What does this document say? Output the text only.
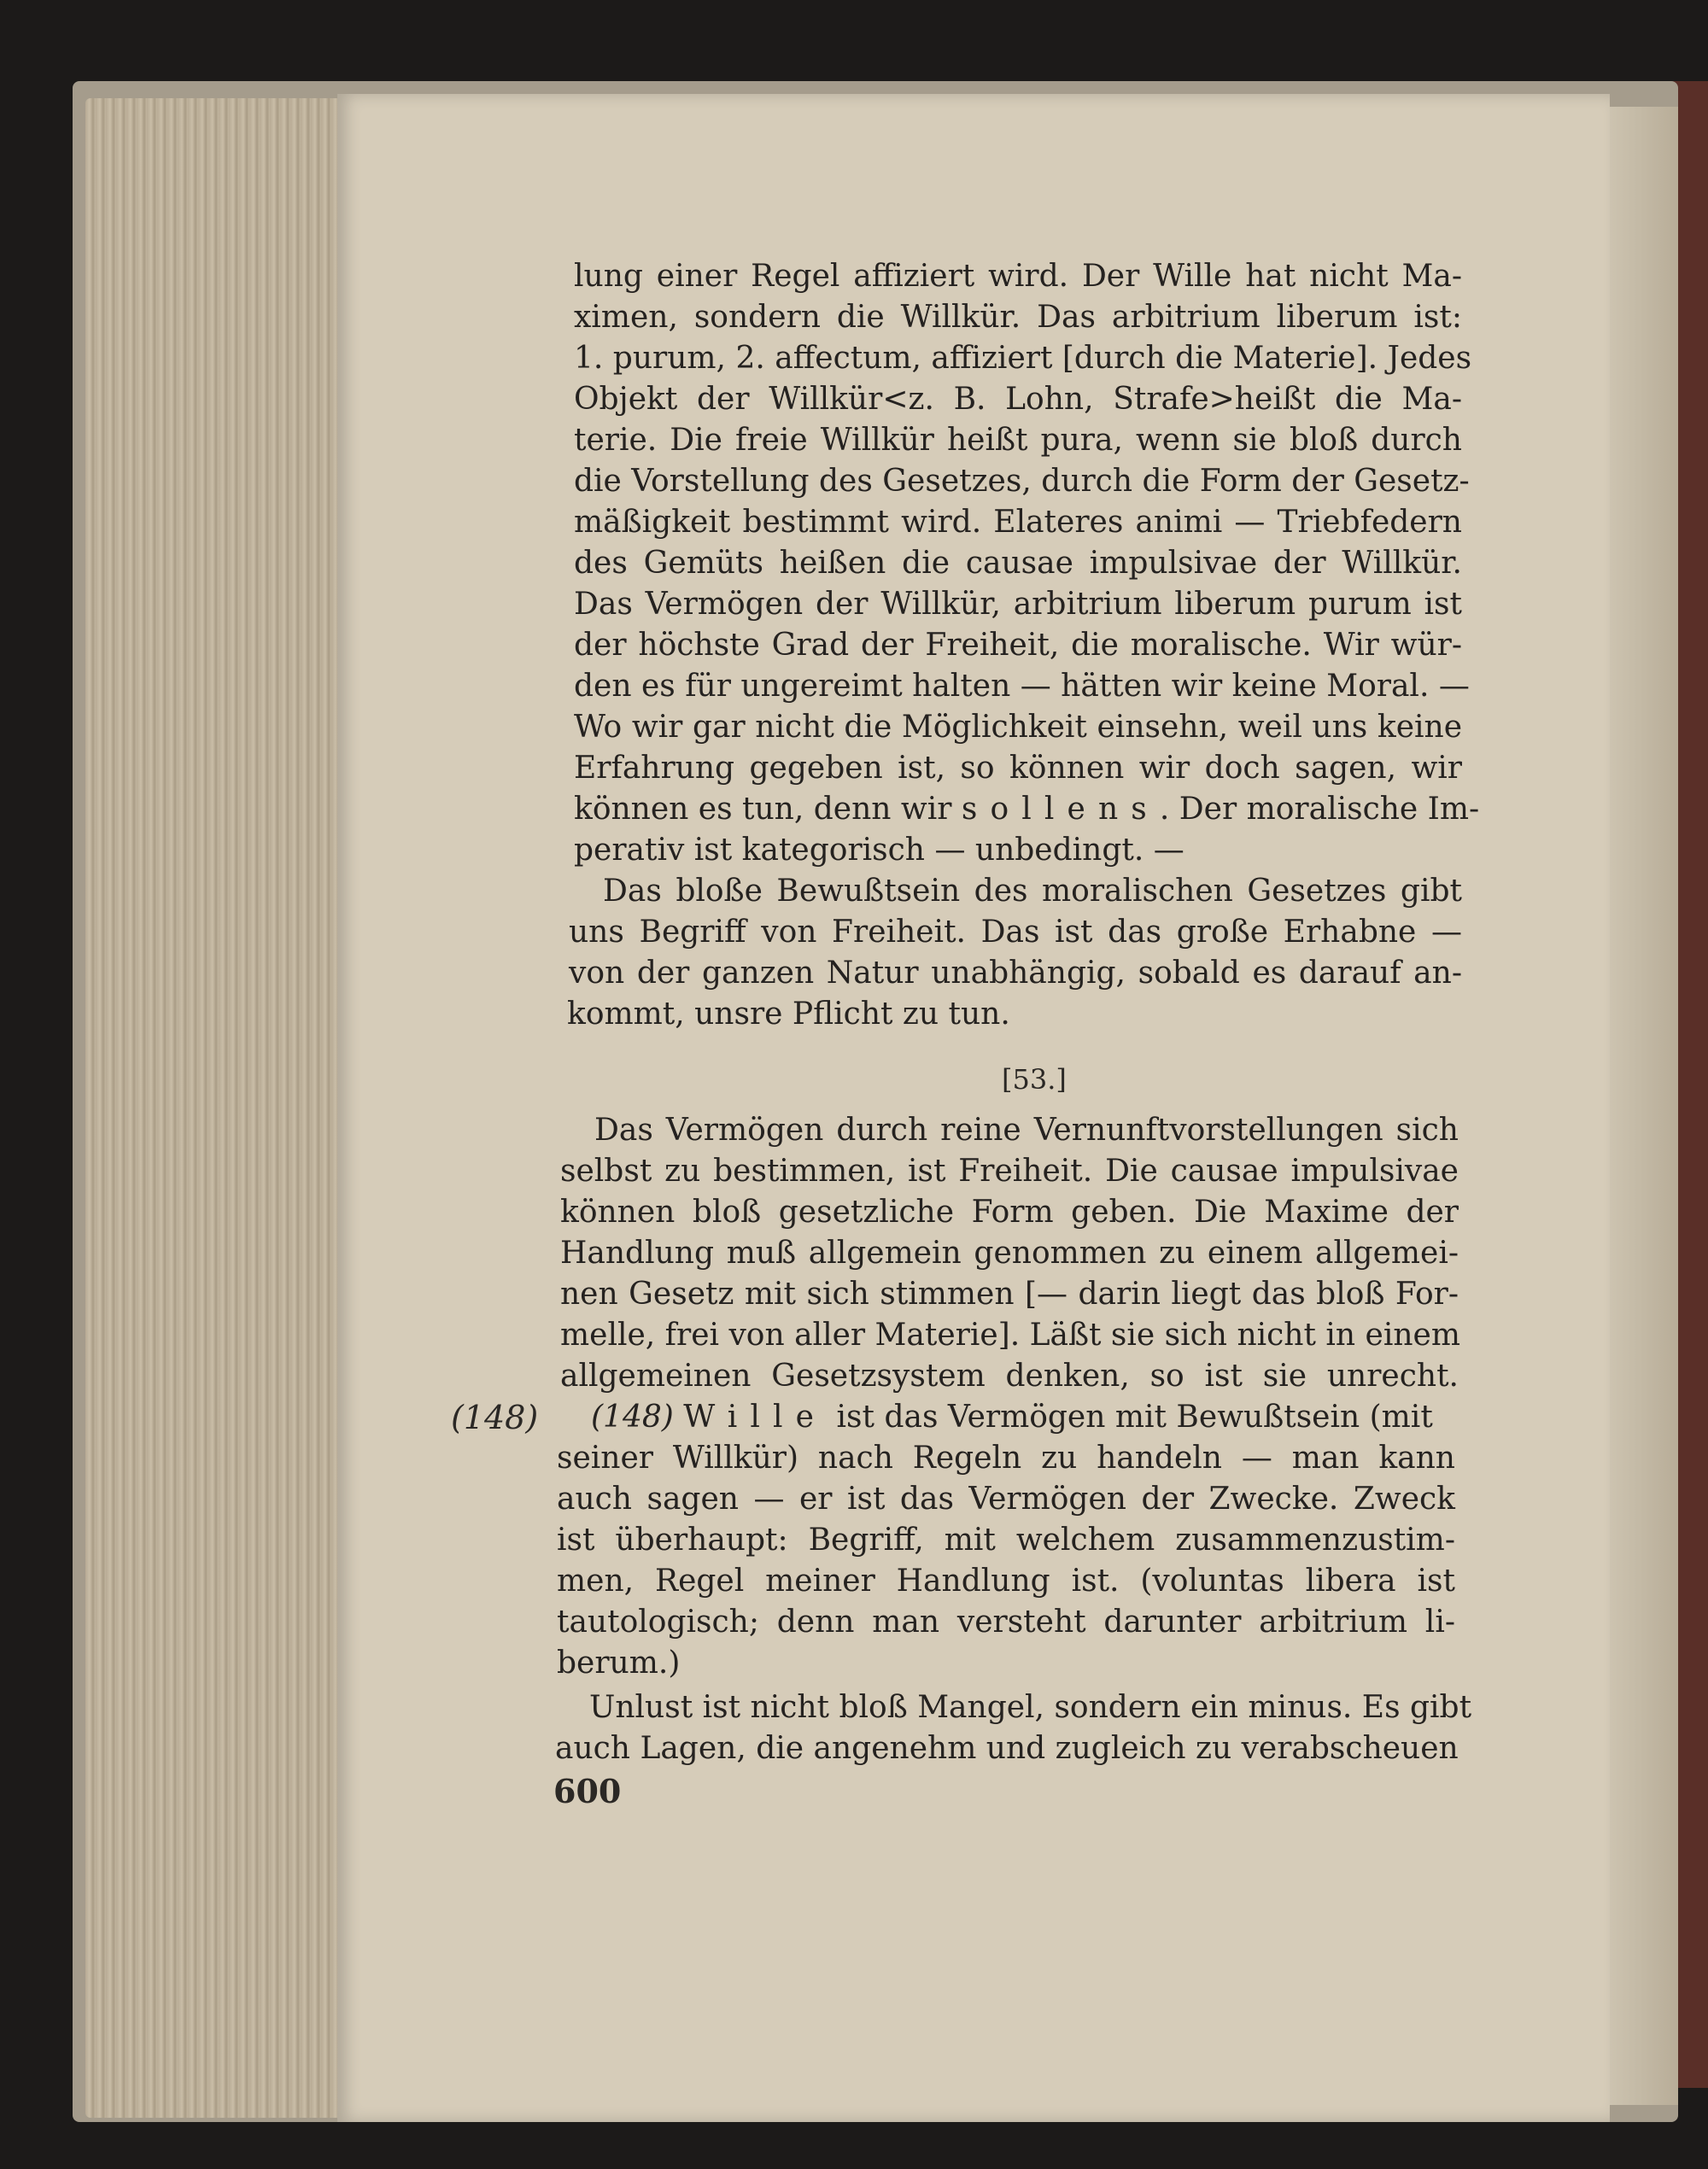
(148)
lung einer Regel affiziert wird. Der Wille hat nicht Ma-
ximen, sondern die Willkür. Das arbitrium liberum ist:
1. purum, 2. affectum, affiziert [durch die Materie]. Jedes
Objekt der Willkür<z. B. Lohn, Strafe>heißt die Ma-
terie. Die freie Willkür heißt pura, wenn sie bloß durch
die Vorstellung des Gesetzes, durch die Form der Gesetz-
mäßigkeit bestimmt wird. Elateres animi — Triebfedern
des Gemüts heißen die causae impulsivae der Willkür.
Das Vermögen der Willkür, arbitrium liberum purum ist
der höchste Grad der Freiheit, die moralische. Wir wür-
den es für ungereimt halten — hätten wir keine Moral. —
Wo wir gar nicht die Möglichkeit einsehn, weil uns keine
Erfahrung gegeben ist, so können wir doch sagen, wir
können es tun, denn wir sollens. Der moralische Im-
perativ ist kategorisch — unbedingt. —
Das bloße Bewußtsein des moralischen Gesetzes gibt
uns Begriff von Freiheit. Das ist das große Erhabne —
von der ganzen Natur unabhängig, sobald es darauf an-
kommt, unsre Pflicht zu tun.
[53.]
Das Vermögen durch reine Vernunftvorstellungen sich
selbst zu bestimmen, ist Freiheit. Die causae impulsivae
können bloß gesetzliche Form geben. Die Maxime der
Handlung muß allgemein genommen zu einem allgemei-
nen Gesetz mit sich stimmen [— darin liegt das bloß For-
melle, frei von aller Materie]. Läßt sie sich nicht in einem
allgemeinen Gesetzsystem denken, so ist sie unrecht.
(148) Wille ist das Vermögen mit Bewußtsein (mit
seiner Willkür) nach Regeln zu handeln — man kann
auch sagen — er ist das Vermögen der Zwecke. Zweck
ist überhaupt: Begriff, mit welchem zusammenzustim-
men, Regel meiner Handlung ist. (voluntas libera ist
tautologisch; denn man versteht darunter arbitrium li-
berum.)
Unlust ist nicht bloß Mangel, sondern ein minus. Es gibt
auch Lagen, die angenehm und zugleich zu verabscheuen
600
